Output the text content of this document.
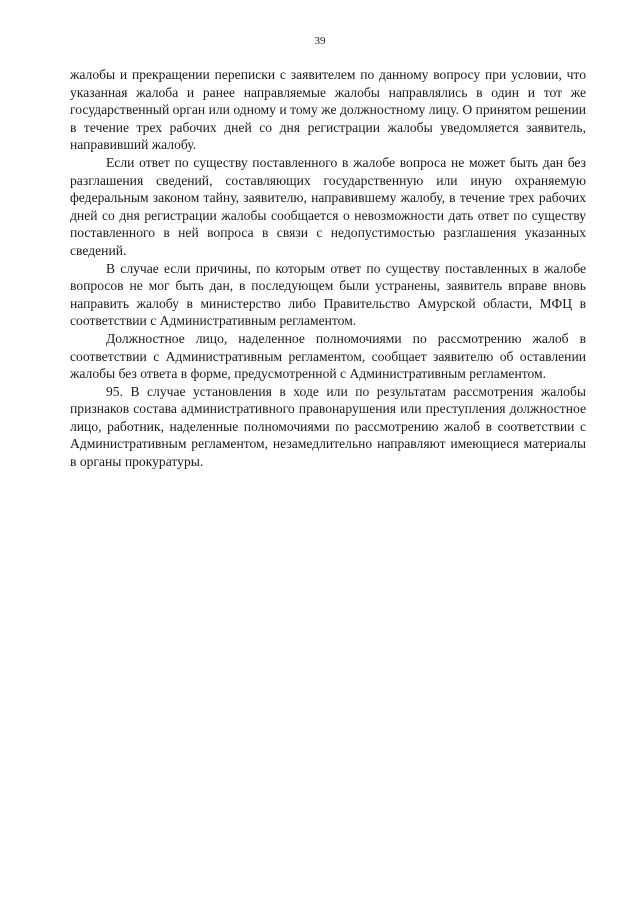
39

жалобы и прекращении переписки с заявителем по данному вопросу при условии, что указанная жалоба и ранее направляемые жалобы направлялись в один и тот же государственный орган или одному и тому же должностному лицу. О принятом решении в течение трех рабочих дней со дня регистрации жалобы уведомляется заявитель, направивший жалобу.

Если ответ по существу поставленного в жалобе вопроса не может быть дан без разглашения сведений, составляющих государственную или иную охраняемую федеральным законом тайну, заявителю, направившему жалобу, в течение трех рабочих дней со дня регистрации жалобы сообщается о невозможности дать ответ по существу поставленного в ней вопроса в связи с недопустимостью разглашения указанных сведений.

В случае если причины, по которым ответ по существу поставленных в жалобе вопросов не мог быть дан, в последующем были устранены, заявитель вправе вновь направить жалобу в министерство либо Правительство Амурской области, МФЦ в соответствии с Административным регламентом.

Должностное лицо, наделенное полномочиями по рассмотрению жалоб в соответствии с Административным регламентом, сообщает заявителю об оставлении жалобы без ответа в форме, предусмотренной с Административным регламентом.

95. В случае установления в ходе или по результатам рассмотрения жалобы признаков состава административного правонарушения или преступления должностное лицо, работник, наделенные полномочиями по рассмотрению жалоб в соответствии с Административным регламентом, незамедлительно направляют имеющиеся материалы в органы прокуратуры.
